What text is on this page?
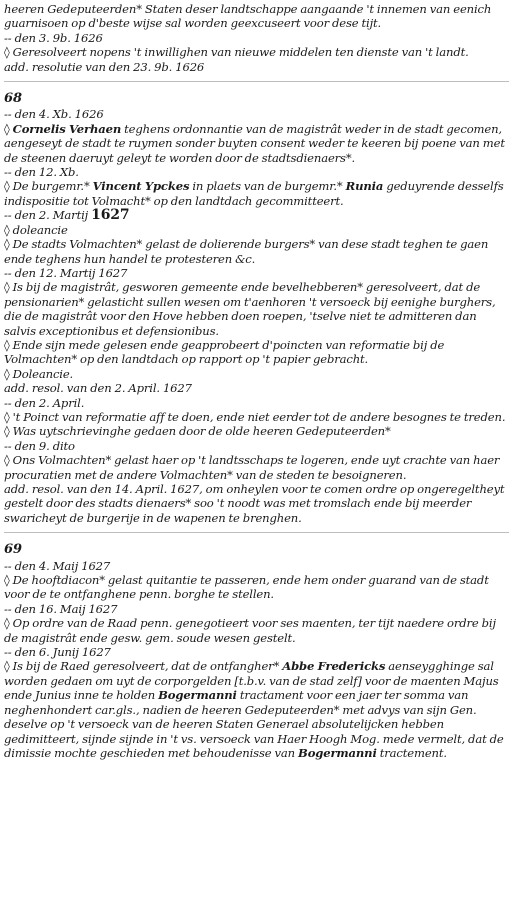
heeren Gedeputeerden* Staten deser landtschappe aangaande 't innemen van eenich guarnisoen op d'beste wijse sal worden geexcuseert voor dese tijt.
-- den 3. 9b. 1626
◊ Geresolveert nopens 't inwillighen van nieuwe middelen ten dienste van 't landt.
add. resolutie van den 23. 9b. 1626
68
-- den 4. Xb. 1626
◊ Cornelis Verhaen teghens ordonnantie van de magistrât weder in de stadt gecomen, aengeseyt de stadt te ruymen sonder buyten consent weder te keeren bij poene van met de steenen daeruyt geleyt te worden door de stadtsdienaers*.
-- den 12. Xb.
◊ De burgemr.* Vincent Ypckes in plaets van de burgemr.* Runia geduyrende desselfs indispositie tot Volmacht* op den landtdach gecommitteert.
-- den 2. Martij 1627
◊ doleancie
◊ De stadts Volmachten* gelast de dolierende burgers* van dese stadt teghen te gaen ende teghens hun handel te protesteren &c.
-- den 12. Martij 1627
◊ Is bij de magistrât, gesworen gemeente ende bevelhebberen* geresolveert, dat de pensionarien* gelasticht sullen wesen om t'aenhoren 't versoeck bij eenighe burghers, die de magistrât voor den Hove hebben doen roepen, 'tselve niet te admitteren dan salvis exceptionibus et defensionibus.
◊ Ende sijn mede gelesen ende geapprobeert d'poincten van reformatie bij de Volmachten* op den landtdach op rapport op 't papier gebracht.
◊ Doleancie.
add. resol. van den 2. April. 1627
-- den 2. April.
◊ 't Poinct van reformatie aff te doen, ende niet eerder tot de andere besognes te treden.
◊ Was uytschrievinghe gedaen door de olde heeren Gedeputeerden*
-- den 9. dito
◊ Ons Volmachten* gelast haer op 't landtsschaps te logeren, ende uyt crachte van haer procuratien met de andere Volmachten* van de steden te besoigneren.
add. resol. van den 14. April. 1627, om onheylen voor te comen ordre op ongeregeltheyt gestelt door des stadts dienaers* soo 't noodt was met tromslach ende bij meerder swaricheyt de burgerije in de wapenen te brenghen.
69
-- den 4. Maij 1627
◊ De hooftdiacon* gelast quitantie te passeren, ende hem onder guarand van de stadt voor de te ontfanghene penn. borghe te stellen.
-- den 16. Maij 1627
◊ Op ordre van de Raad penn. genegotieert voor ses maenten, ter tijt naedere ordre bij de magistrât ende gesw. gem. soude wesen gestelt.
-- den 6. Junij 1627
◊ Is bij de Raed geresolveert, dat de ontfangher* Abbe Fredericks aenseygghinge sal worden gedaen om uyt de corporgelden [t.b.v. van de stad zelf] voor de maenten Majus ende Junius inne te holden Bogermanni tractament voor een jaer ter somma van neghenhondert car.gls., nadien de heeren Gedeputeerden* met advys van sijn Gen. deselve op 't versoeck van de heeren Staten Generael absolutelijcken hebben gedimitteert, sijnde sijnde in 't vs. versoeck van Haer Hoogh Mog. mede vermelt, dat de dimissie mochte geschieden met behoudenisse van Bogermanni tractement.
